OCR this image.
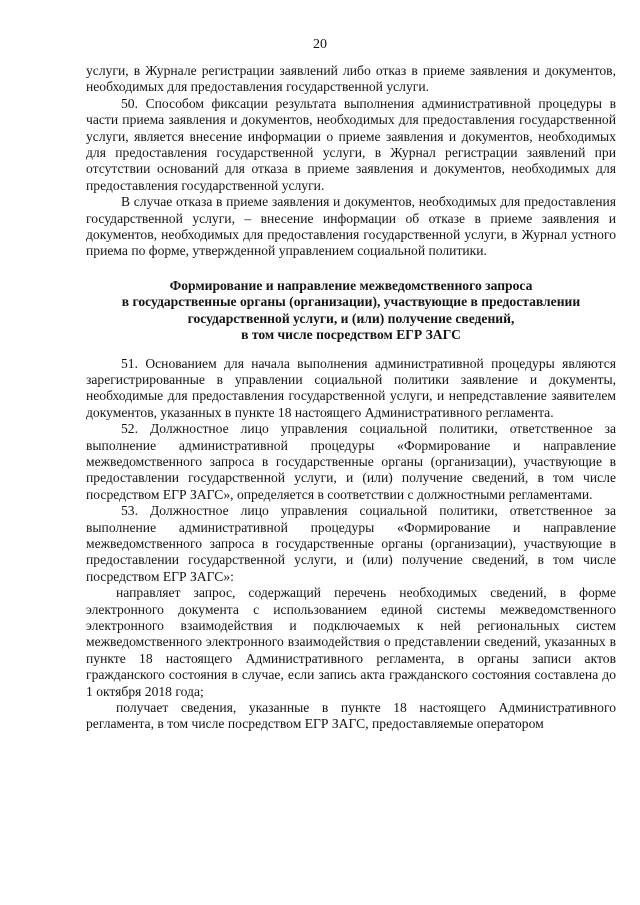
20

услуги, в Журнале регистрации заявлений либо отказ в приеме заявления и документов, необходимых для предоставления государственной услуги.

50. Способом фиксации результата выполнения административной процедуры в части приема заявления и документов, необходимых для предоставления государственной услуги, является внесение информации о приеме заявления и документов, необходимых для предоставления государственной услуги, в Журнал регистрации заявлений при отсутствии оснований для отказа в приеме заявления и документов, необходимых для предоставления государственной услуги.

В случае отказа в приеме заявления и документов, необходимых для предоставления государственной услуги, – внесение информации об отказе в приеме заявления и документов, необходимых для предоставления государственной услуги, в Журнал устного приема по форме, утвержденной управлением социальной политики.

Формирование и направление межведомственного запроса
в государственные органы (организации), участвующие в предоставлении
государственной услуги, и (или) получение сведений,
в том числе посредством ЕГР ЗАГС

51. Основанием для начала выполнения административной процедуры являются зарегистрированные в управлении социальной политики заявление и документы, необходимые для предоставления государственной услуги, и непредставление заявителем документов, указанных в пункте 18 настоящего Административного регламента.

52. Должностное лицо управления социальной политики, ответственное за выполнение административной процедуры «Формирование и направление межведомственного запроса в государственные органы (организации), участвующие в предоставлении государственной услуги, и (или) получение сведений, в том числе посредством ЕГР ЗАГС», определяется в соответствии с должностными регламентами.

53. Должностное лицо управления социальной политики, ответственное за выполнение административной процедуры «Формирование и направление межведомственного запроса в государственные органы (организации), участвующие в предоставлении государственной услуги, и (или) получение сведений, в том числе посредством ЕГР ЗАГС»:

направляет запрос, содержащий перечень необходимых сведений, в форме электронного документа с использованием единой системы межведомственного электронного взаимодействия и подключаемых к ней региональных систем межведомственного электронного взаимодействия о представлении сведений, указанных в пункте 18 настоящего Административного регламента, в органы записи актов гражданского состояния в случае, если запись акта гражданского состояния составлена до 1 октября 2018 года;

получает сведения, указанные в пункте 18 настоящего Административного регламента, в том числе посредством ЕГР ЗАГС, предоставляемые оператором
